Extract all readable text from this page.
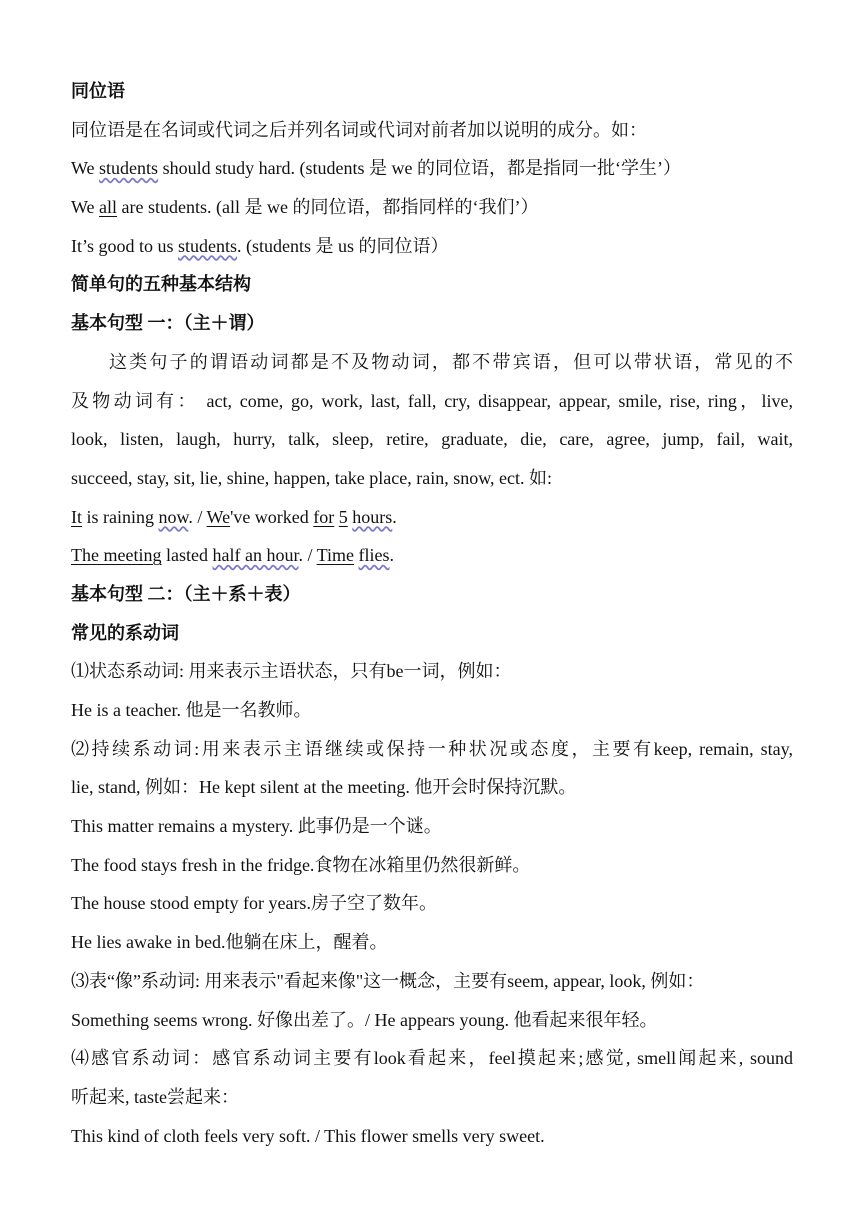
同位语
同位语是在名词或代词之后并列名词或代词对前者加以说明的成分。如：
We students should study hard. (students 是 we 的同位语，都是指同一批‘学生’）
We all are students. (all 是 we 的同位语，都指同样的‘我们’）
It’s good to us students. (students 是 us 的同位语）
简单句的五种基本结构
基本句型 一：（主＋谓）
这类句子的谓语动词都是不及物动词，都不带宾语，但可以带状语，常见的不
及物动词有： act, come, go, work, last, fall, cry, disappear, appear, smile, rise, ring，live,
look, listen, laugh, hurry, talk, sleep, retire, graduate, die, care, agree, jump, fail, wait,
succeed, stay, sit, lie, shine, happen, take place, rain, snow, ect. 如:
It is raining now. / We've worked for 5 hours.
The meeting lasted half an hour. / Time flies.
基本句型 二：（主＋系＋表）
常见的系动词
⑴状态系动词: 用来表示主语状态，只有be一词，例如：
He is a teacher. 他是一名教师。
⑵持续系动词:用来表示主语继续或保持一种状况或态度，主要有keep, remain, stay,
lie, stand, 例如：He kept silent at the meeting. 他开会时保持沉默。
This matter remains a mystery. 此事仍是一个谜。
The food stays fresh in the fridge.食物在冰箱里仍然很新鲜。
The house stood empty for years.房子空了数年。
He lies awake in bed.他躺在床上，醒着。
⑶表“像”系动词: 用来表示"看起来像"这一概念，主要有seem, appear, look, 例如：
Something seems wrong. 好像出差了。/ He appears young. 他看起来很年轻。
⑷感官系动词：感官系动词主要有look看起来，feel摸起来;感觉, smell闻起来, sound
听起来, taste尝起来：
This kind of cloth feels very soft. / This flower smells very sweet.
